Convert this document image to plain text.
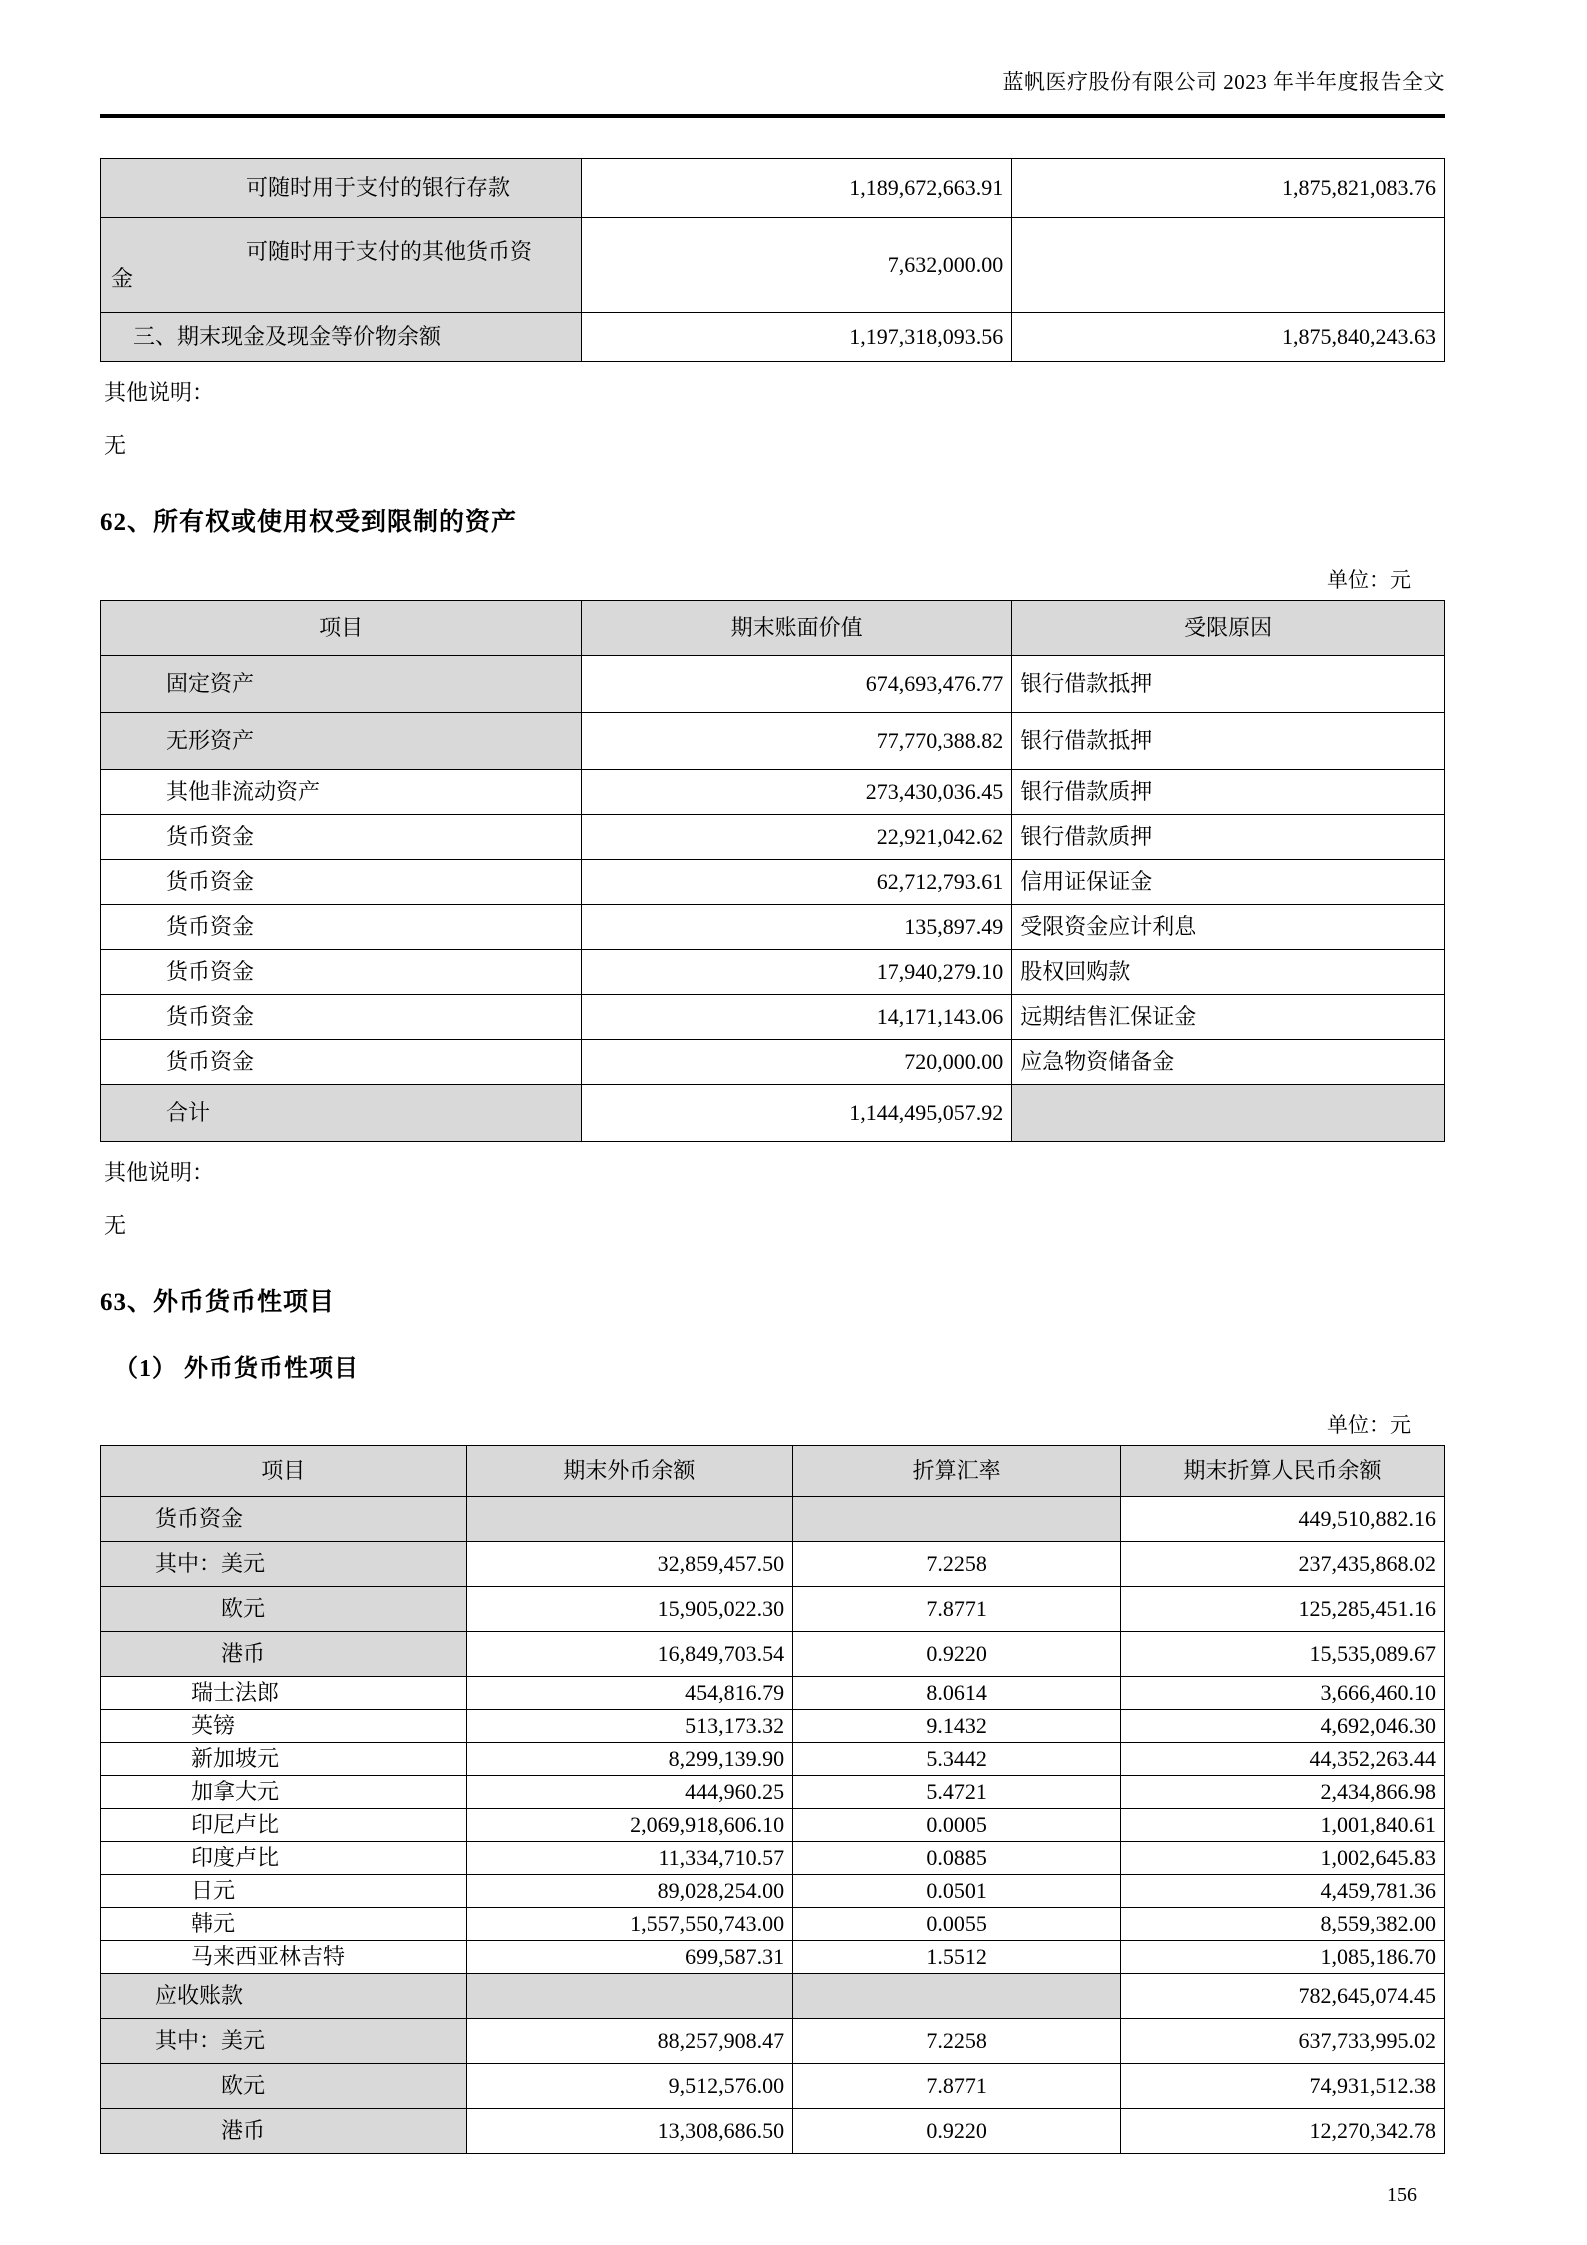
蓝帆医疗股份有限公司 2023 年半年度报告全文
可随时用于支付的银行存款	1,189,672,663.91	1,875,821,083.76
可随时用于支付的其他货币资金	7,632,000.00	
三、期末现金及现金等价物余额	1,197,318,093.56	1,875,840,243.63
其他说明：
无
62、所有权或使用权受到限制的资产
单位：元
项目	期末账面价值	受限原因
固定资产	674,693,476.77	银行借款抵押
无形资产	77,770,388.82	银行借款抵押
其他非流动资产	273,430,036.45	银行借款质押
货币资金	22,921,042.62	银行借款质押
货币资金	62,712,793.61	信用证保证金
货币资金	135,897.49	受限资金应计利息
货币资金	17,940,279.10	股权回购款
货币资金	14,171,143.06	远期结售汇保证金
货币资金	720,000.00	应急物资储备金
合计	1,144,495,057.92	
其他说明：
无
63、外币货币性项目
（1） 外币货币性项目
单位：元
项目	期末外币余额	折算汇率	期末折算人民币余额
货币资金			449,510,882.16
其中：美元	32,859,457.50	7.2258	237,435,868.02
欧元	15,905,022.30	7.8771	125,285,451.16
港币	16,849,703.54	0.9220	15,535,089.67
瑞士法郎	454,816.79	8.0614	3,666,460.10
英镑	513,173.32	9.1432	4,692,046.30
新加坡元	8,299,139.90	5.3442	44,352,263.44
加拿大元	444,960.25	5.4721	2,434,866.98
印尼卢比	2,069,918,606.10	0.0005	1,001,840.61
印度卢比	11,334,710.57	0.0885	1,002,645.83
日元	89,028,254.00	0.0501	4,459,781.36
韩元	1,557,550,743.00	0.0055	8,559,382.00
马来西亚林吉特	699,587.31	1.5512	1,085,186.70
应收账款			782,645,074.45
其中：美元	88,257,908.47	7.2258	637,733,995.02
欧元	9,512,576.00	7.8771	74,931,512.38
港币	13,308,686.50	0.9220	12,270,342.78
156
